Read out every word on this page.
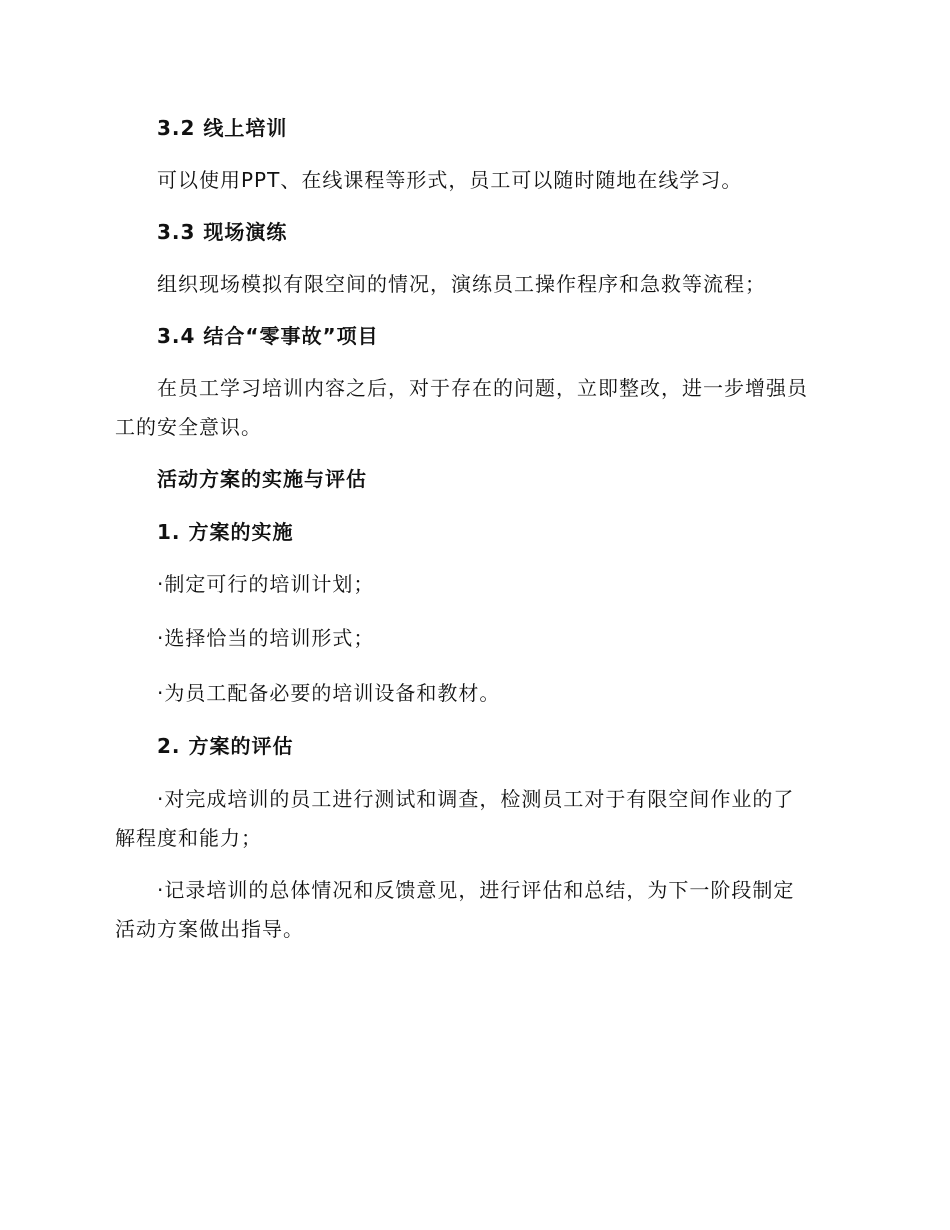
3.2 线上培训
可以使用PPT、在线课程等形式，员工可以随时随地在线学习。
3.3 现场演练
组织现场模拟有限空间的情况，演练员工操作程序和急救等流程；
3.4 结合“零事故”项目
在员工学习培训内容之后，对于存在的问题，立即整改，进一步增强员
工的安全意识。
活动方案的实施与评估
1. 方案的实施
·制定可行的培训计划；
·选择恰当的培训形式；
·为员工配备必要的培训设备和教材。
2. 方案的评估
·对完成培训的员工进行测试和调查，检测员工对于有限空间作业的了
解程度和能力；
·记录培训的总体情况和反馈意见，进行评估和总结，为下一阶段制定
活动方案做出指导。
